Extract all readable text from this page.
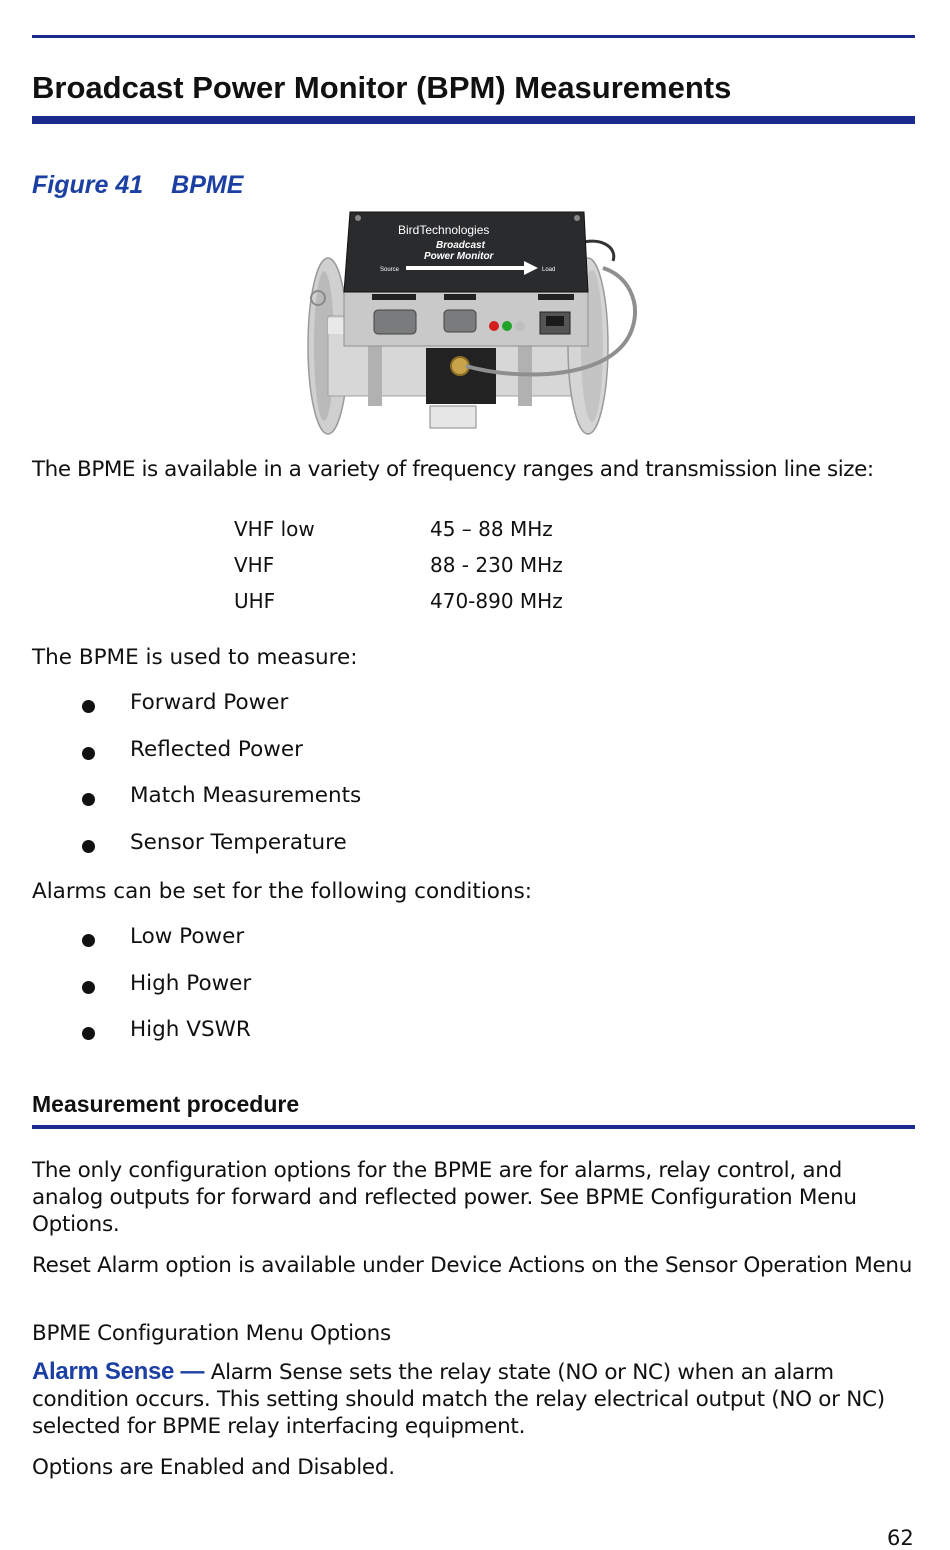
Broadcast Power Monitor (BPM) Measurements
Figure 41 BPME
BirdTechnologies
Broadcast
Power Monitor
Source	Load
The BPME is available in a variety of frequency ranges and transmission line size:
VHF low	45 – 88 MHz
VHF	88 - 230 MHz
UHF	470-890 MHz
The BPME is used to measure:
Forward Power
Reflected Power
Match Measurements
Sensor Temperature
Alarms can be set for the following conditions:
Low Power
High Power
High VSWR
Measurement procedure
The only configuration options for the BPME are for alarms, relay control, and analog outputs for forward and reflected power. See BPME Configuration Menu Options.
Reset Alarm option is available under Device Actions on the Sensor Operation Menu
BPME Configuration Menu Options
Alarm Sense — Alarm Sense sets the relay state (NO or NC) when an alarm condition occurs. This setting should match the relay electrical output (NO or NC) selected for BPME relay interfacing equipment.
Options are Enabled and Disabled.
62
